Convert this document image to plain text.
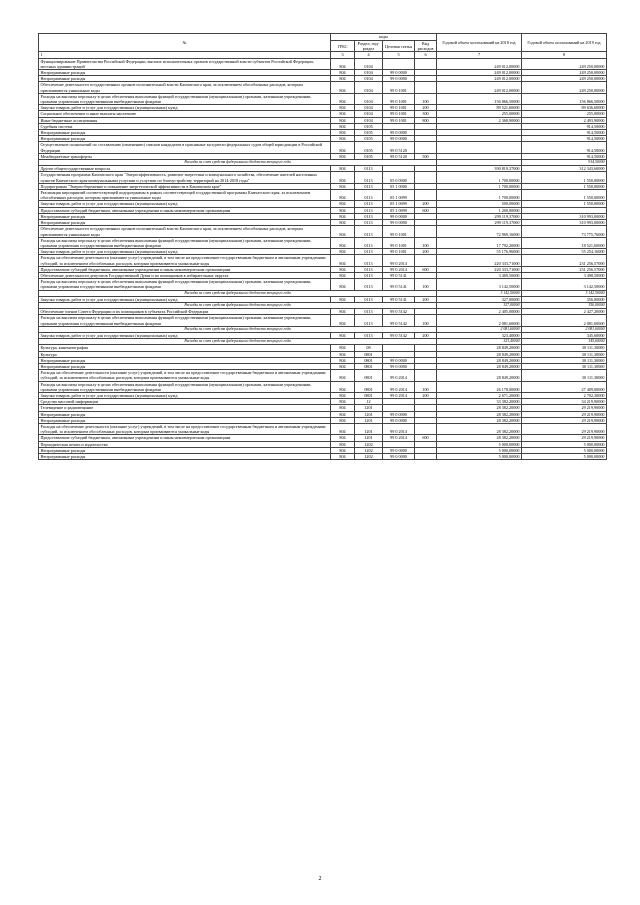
№	коды				Годовой объем ассигнований на 2018 год	Годовой объем ассигнований на 2019 год
	ГРБС	Раздел, под-раздел	Целевая статья	Вид расходов		
1	3	4	5	6	7	8
Функционирование Правительства Российской Федерации, высших исполнительных органов государственной власти субъектов Российской Федерации, местных администраций	804	0104			249 012,00000	249 250,00000
Непрограммные расходы	804	0104	99 0 0000		249 012,00000	249 250,00000
Непрограммные расходы	804	0104	99 0 0000		249 012,00000	249 250,00000
Обеспечение деятельности государственных органов исполнительной власти Камчатского края, за исключением обособленных расходов, которым присваиваются уникальные коды	804	0104	99 0 1001		249 012,00000	249 250,00000
Расходы на выплаты персоналу в целях обеспечения выполнения функций государственными (муниципальными) органами, казенными учреждениями, органами управления государственными внебюджетными фондами	804	0104	99 0 1001	100	156 866,50000	156 866,50000
Закупка товаров, работ и услуг для государственных (муниципальных) нужд	804	0104	99 0 1001	200	89 521,60000	89 636,60000
Социальное обеспечение и иные выплаты населению	804	0104	99 0 1001	300	255,00000	255,00000
Иные бюджетные ассигнования	804	0104	99 0 1001	800	2 368,90000	2 493,90000
Судебная система	804	0105				914,50000
Непрограммные расходы	804	0105	99 0 0000			914,50000
Непрограммные расходы	804	0105	99 0 0000			914,50000
Осуществление полномочий по составлению (изменению) списков кандидатов в присяжные заседатели федеральных судов общей юрисдикции в Российской Федерации	804	0105	99 0 5120			914,50000
Межбюджетные трансферты	804	0105	99 0 5120	500		914,50000
Расходы за счет средств федерального бюджета текущего года						914,50000
Другие общегосударственные вопросы	804	0113			390 819,37000	312 343,60000
Государственная программа Камчатского края "Энергоэффективность, развитие энергетики и коммунального хозяйства, обеспечение жителей населенных пунктов Камчатского края коммунальными услугами и услугами по благоустройству территорий на 2014-2018 годы"	804	0113	05 0 0000		1 700,00000	1 550,00000
Подпрограмма "Энергосбережение и повышение энергетической эффективности в Камчатском крае"	804	0113	05 1 0000		1 700,00000	1 550,00000
Реализация мероприятий соответствующей подпрограммы в рамках соответствующей государственной программы Камчатского края, за исключением обособленных расходов, которым присваиваются уникальные коды	804	0113	05 1 0099		1 700,00000	1 550,00000
Закупка товаров, работ и услуг для государственных (муниципальных) нужд	804	0113	05 1 0099	200	500,00000	1 550,00000
Предоставление субсидий бюджетным, автономным учреждениям и иным некоммерческим организациям	804	0113	05 1 0099	600	1 200,00000	
Непрограммные расходы	804	0113	99 0 0000		299 119,37000	310 993,00000
Непрограммные расходы	804	0113	99 0 0000		299 119,37000	310 993,00000
Обеспечение деятельности государственных органов исполнительной власти Камчатского края, за исключением обособленных расходов, которым присваиваются уникальные коды	804	0113	99 0 1001		72 969,16000	73 775,76000
Расходы на выплаты персоналу в целях обеспечения выполнения функций государственными (муниципальными) органами, казенными учреждениями, органами управления государственными внебюджетными фондами	804	0113	99 0 1001	100	17 792,20000	18 521,60000
Закупка товаров, работ и услуг для государственных (муниципальных) нужд	804	0113	99 0 1001	200	55 176,96000	55 254,16000
Расходы на обеспечение деятельности (оказание услуг) учреждений, в том числе на предоставление государственным бюджетным и автономным учреждениям субсидий, за исключением обособленных расходов, которым присваиваются уникальные коды	804	0113	99 0 2014		220 333,71000	231 256,57000
Предоставление субсидий бюджетным, автономным учреждениям и иным некоммерческим организациям	804	0113	99 0 2014	600	220 333,71000	231 256,57000
Обеспечение деятельности депутатов Государственной Думы и их помощников в избирательных округах	804	0113	99 0 5141		3 469,50000	3 498,50000
Расходы на выплаты персоналу в целях обеспечения выполнения функций государственными (муниципальными) органами, казенными учреждениями, органами управления государственными внебюджетными фондами	804	0113	99 0 5141	100	3 142,50000	3 142,50000
Расходы за счет средств федерального бюджета текущего года					3 142,50000	3 142,50000
Закупка товаров, работ и услуг для государственных (муниципальных) нужд	804	0113	99 0 5141	200	327,00000	356,00000
Расходы за счет средств федерального бюджета текущего года					327,00000	356,00000
Обеспечение членов Совета Федерации и их помощников в субъектах Российской Федерации	804	0113	99 0 5142		2 405,00000	2 427,20000
Расходы на выплаты персоналу в целях обеспечения выполнения функций государственными (муниципальными) органами, казенными учреждениями, органами управления государственными внебюджетными фондами	804	0113	99 0 5142	100	2 081,60000	2 081,60000
Расходы за счет средств федерального бюджета текущего года					2 081,60000	2 081,60000
Закупка товаров, работ и услуг для государственных (муниципальных) нужд	804	0113	99 0 5142	200	323,40000	345,60000
Расходы за счет средств федерального бюджета текущего года					323,40000	345,60000
Культура, кинематография	804	08			28 849,20000	30 111,30000
Культура	804	0801			28 849,20000	30 111,30000
Непрограммные расходы	804	0801	99 0 0000		28 849,20000	30 111,30000
Непрограммные расходы	804	0801	99 0 0000		28 849,20000	30 111,30000
Расходы на обеспечение деятельности (оказание услуг) учреждений, в том числе на предоставление государственным бюджетным и автономным учреждениям субсидий, за исключением обособленных расходов, которым присваиваются уникальные коды	804	0801	99 0 2014		28 849,20000	30 111,30000
Расходы на выплаты персоналу в целях обеспечения выполнения функций государственными (муниципальными) органами, казенными учреждениями, органами управления государственными внебюджетными фондами	804	0801	99 0 2014	100	26 178,00000	27 409,00000
Закупка товаров, работ и услуг для государственных (муниципальных) нужд	804	0801	99 0 2014	200	2 671,20000	2 702,30000
Средства массовой информации	804	12			33 382,20000	34 219,90000
Телевидение и радиовещание	804	1201			28 382,20000	29 219,90000
Непрограммные расходы	804	1201	99 0 0000		28 382,20000	29 219,90000
Непрограммные расходы	804	1201	99 0 0000		28 382,20000	29 219,90000
Расходы на обеспечение деятельности (оказание услуг) учреждений, в том числе на предоставление государственным бюджетным и автономным учреждениям субсидий, за исключением обособленных расходов, которым присваиваются уникальные коды	804	1201	99 0 2014		28 382,20000	29 219,90000
Предоставление субсидий бюджетным, автономным учреждениям и иным некоммерческим организациям	804	1201	99 0 2014	600	28 382,20000	29 219,90000
Периодическая печать и издательства	804	1202			5 000,00000	5 000,00000
Непрограммные расходы	804	1202	99 0 0000		5 000,00000	5 000,00000
Непрограммные расходы	804	1202	99 0 0000		5 000,00000	5 000,00000
2
